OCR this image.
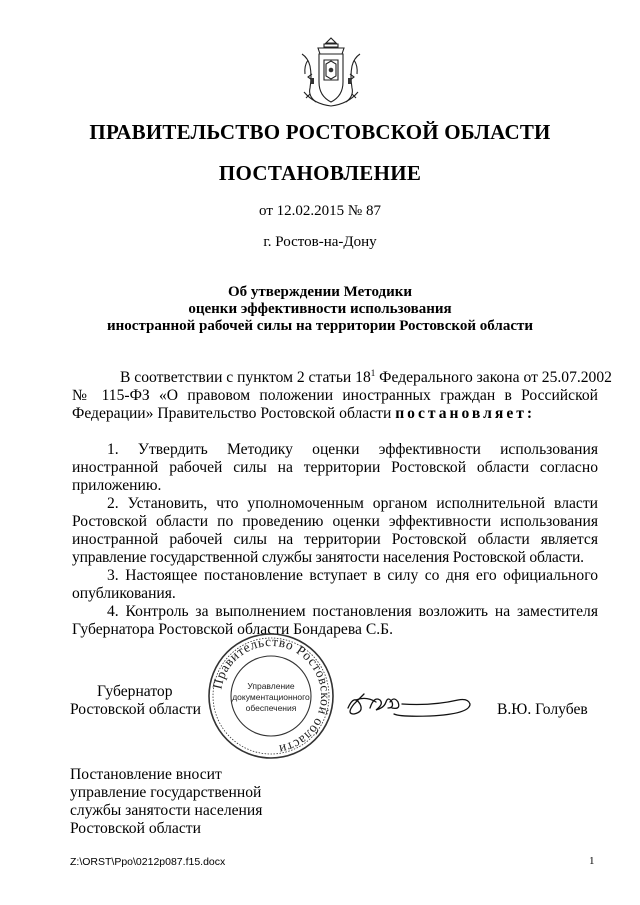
ПРАВИТЕЛЬСТВО РОСТОВСКОЙ ОБЛАСТИ
ПОСТАНОВЛЕНИЕ
от 12.02.2015 № 87
г. Ростов-на-Дону
Об утверждении Методики
оценки эффективности использования
иностранной рабочей силы на территории Ростовской области
В соответствии с пунктом 2 статьи $18^1$ Федерального закона от 25.07.2002
№ 115-ФЗ «О правовом положении иностранных граждан в Российской
Федерации» Правительство Ростовской области постановляет:
1. Утвердить Методику оценки эффективности использования
иностранной рабочей силы на территории Ростовской области согласно
приложению.
2. Установить, что уполномоченным органом исполнительной власти
Ростовской области по проведению оценки эффективности использования
иностранной рабочей силы на территории Ростовской области является
управление государственной службы занятости населения Ростовской области.
3. Настоящее постановление вступает в силу со дня его официального
опубликования.
4. Контроль за выполнением постановления возложить на заместителя
Губернатора Ростовской области Бондарева С.Б.
Губернатор
Ростовской области
Правительство Ростовской области
Управление
документационного
обеспечения	В.Ю. Голубев
Постановление вносит
управление государственной
службы занятости населения
Ростовской области
Z:\ORST\Ppo\0212p087.f15.docx	1
